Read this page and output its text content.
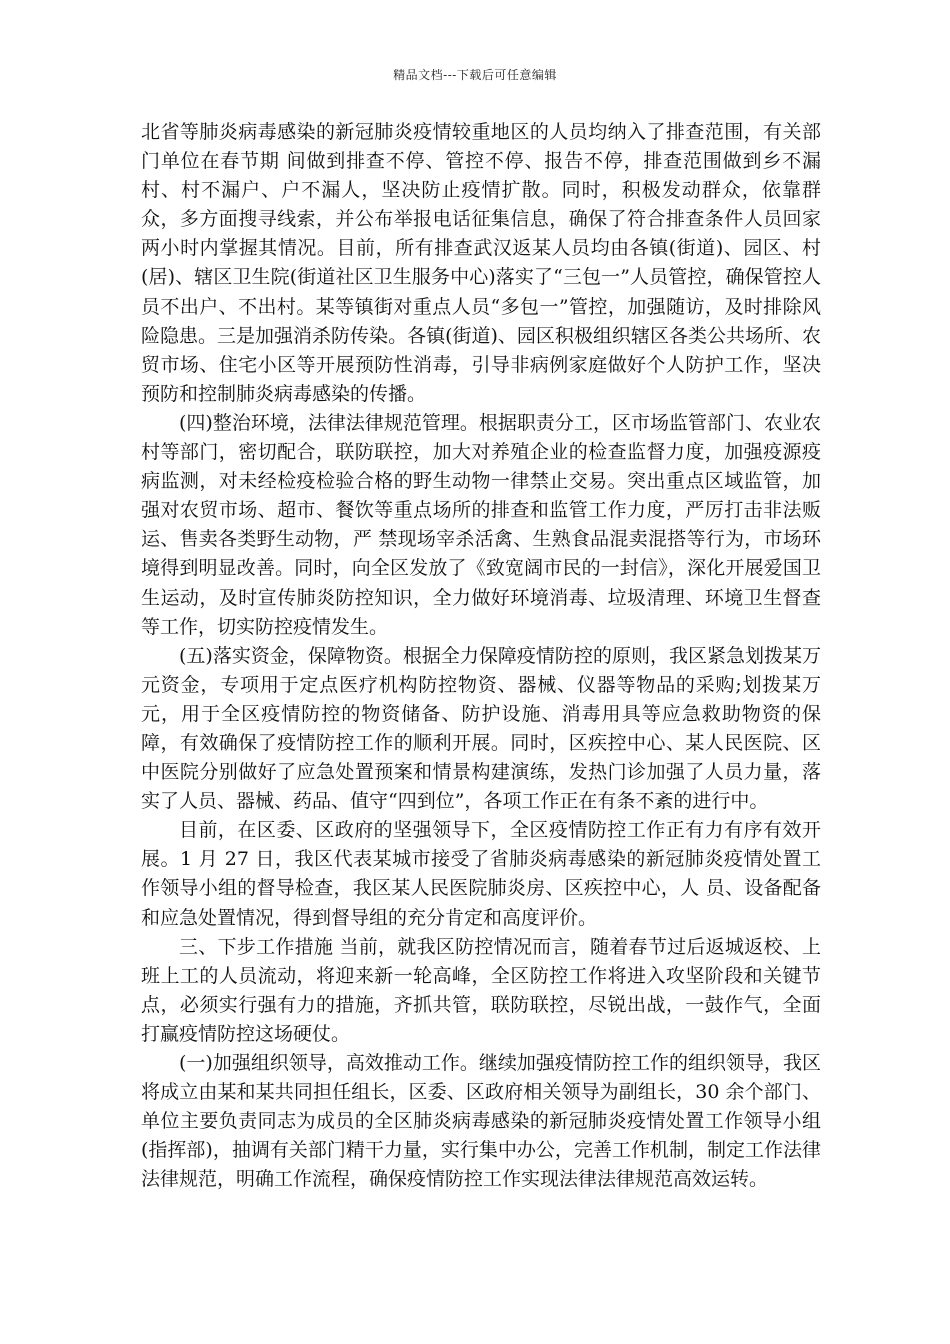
精品文档---下载后可任意编辑

北省等肺炎病毒感染的新冠肺炎疫情较重地区的人员均纳入了排查范围，有关部门单位在春节期 间做到排查不停、管控不停、报告不停，排查范围做到乡不漏村、村不漏户、户不漏人，坚决防止疫情扩散。同时，积极发动群众，依靠群众，多方面搜寻线索，并公布举报电话征集信息，确保了符合排查条件人员回家两小时内掌握其情况。目前，所有排查武汉返某人员均由各镇(街道)、园区、村(居)、辖区卫生院(街道社区卫生服务中心)落实了“三包一”人员管控，确保管控人员不出户、不出村。某等镇街对重点人员“多包一”管控，加强随访，及时排除风险隐患。三是加强消杀防传染。各镇(街道)、园区积极组织辖区各类公共场所、农贸市场、住宅小区等开展预防性消毒，引导非病例家庭做好个人防护工作，坚决预防和控制肺炎病毒感染的传播。

(四)整治环境，法律法律规范管理。根据职责分工，区市场监管部门、农业农村等部门，密切配合，联防联控，加大对养殖企业的检查监督力度，加强疫源疫病监测，对未经检疫检验合格的野生动物一律禁止交易。突出重点区域监管，加强对农贸市场、超市、餐饮等重点场所的排查和监管工作力度，严厉打击非法贩运、售卖各类野生动物，严 禁现场宰杀活禽、生熟食品混卖混搭等行为，市场环境得到明显改善。同时，向全区发放了《致宽阔市民的一封信》，深化开展爱国卫生运动，及时宣传肺炎防控知识，全力做好环境消毒、垃圾清理、环境卫生督查等工作，切实防控疫情发生。

(五)落实资金，保障物资。根据全力保障疫情防控的原则，我区紧急划拨某万元资金，专项用于定点医疗机构防控物资、器械、仪器等物品的采购;划拨某万元，用于全区疫情防控的物资储备、防护设施、消毒用具等应急救助物资的保障，有效确保了疫情防控工作的顺利开展。同时，区疾控中心、某人民医院、区中医院分别做好了应急处置预案和情景构建演练，发热门诊加强了人员力量，落实了人员、器械、药品、值守“四到位”，各项工作正在有条不紊的进行中。

目前，在区委、区政府的坚强领导下，全区疫情防控工作正有力有序有效开展。1 月 27 日，我区代表某城市接受了省肺炎病毒感染的新冠肺炎疫情处置工作领导小组的督导检查，我区某人民医院肺炎房、区疾控中心，人 员、设备配备和应急处置情况，得到督导组的充分肯定和高度评价。

三、下步工作措施 当前，就我区防控情况而言，随着春节过后返城返校、上班上工的人员流动，将迎来新一轮高峰，全区防控工作将进入攻坚阶段和关键节点，必须实行强有力的措施，齐抓共管，联防联控，尽锐出战，一鼓作气，全面打赢疫情防控这场硬仗。

(一)加强组织领导，高效推动工作。继续加强疫情防控工作的组织领导，我区将成立由某和某共同担任组长，区委、区政府相关领导为副组长，30 余个部门、单位主要负责同志为成员的全区肺炎病毒感染的新冠肺炎疫情处置工作领导小组(指挥部)，抽调有关部门精干力量，实行集中办公，完善工作机制，制定工作法律法律规范，明确工作流程，确保疫情防控工作实现法律法律规范高效运转。
